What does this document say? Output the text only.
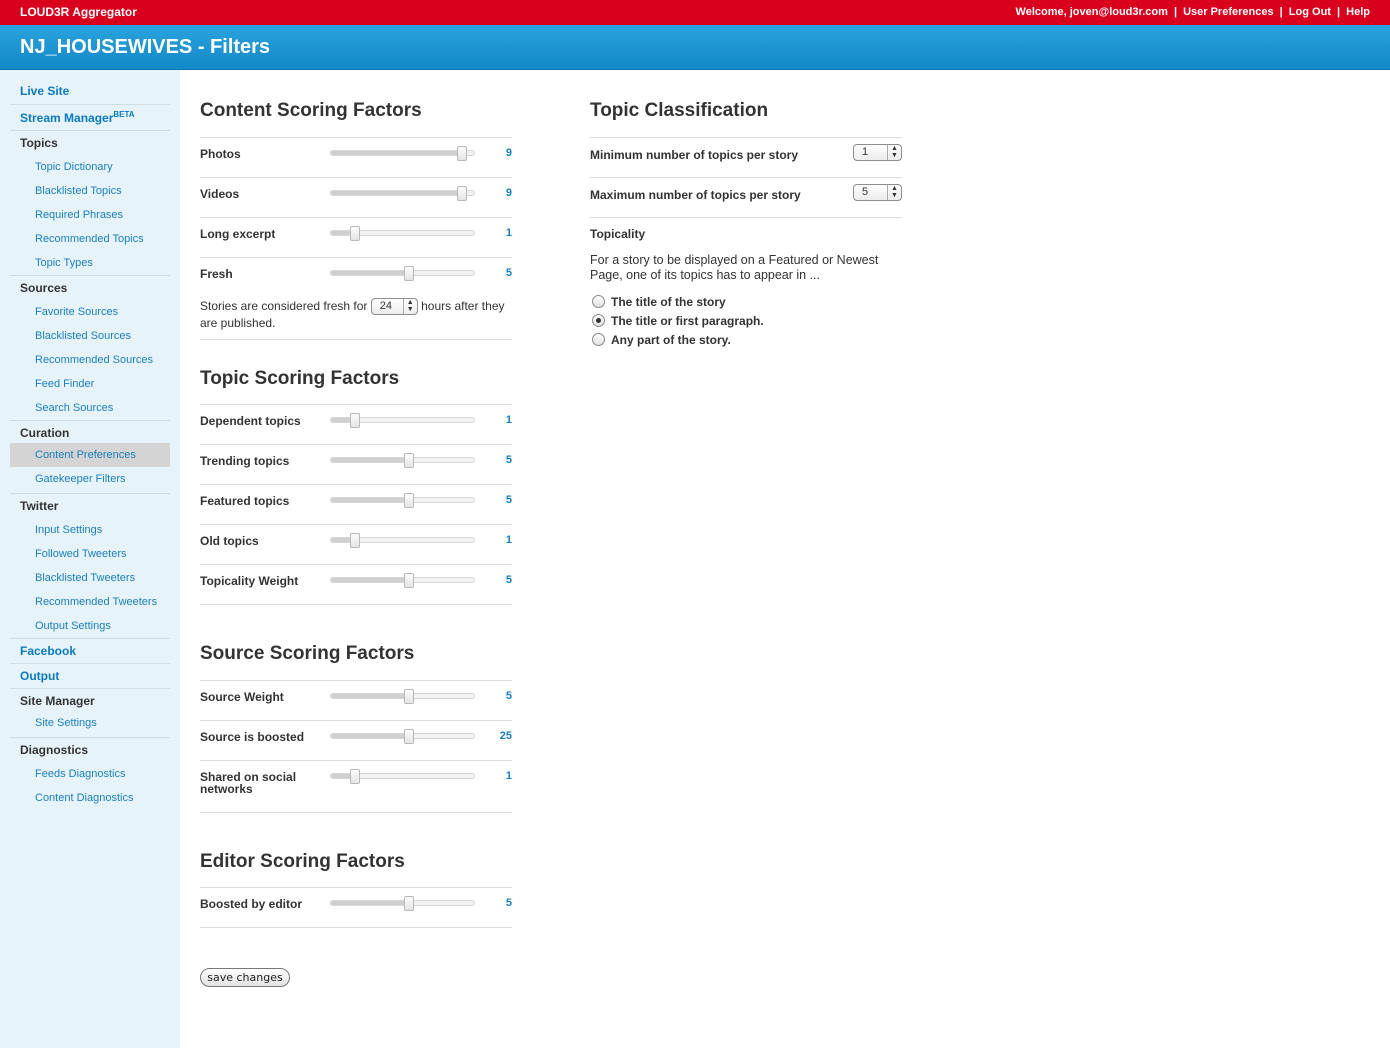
LOUD3R Aggregator	Welcome, joven@loud3r.com | User Preferences | Log Out | Help
NJ_HOUSEWIVES - Filters
Live Site
Stream Manager$^{BETA}$
Topics
Topic Dictionary
Blacklisted Topics
Required Phrases
Recommended Topics
Topic Types
Sources
Favorite Sources
Blacklisted Sources
Recommended Sources
Feed Finder
Search Sources
Curation
Content Preferences
Gatekeeper Filters
Twitter
Input Settings
Followed Tweeters
Blacklisted Tweeters
Recommended Tweeters
Output Settings
Facebook
Output
Site Manager
Site Settings
Diagnostics
Feeds Diagnostics
Content Diagnostics
Content Scoring Factors
Photos	9
Videos	9
Long excerpt	1
Fresh	5
Stories are considered fresh for 24	▲
▼ hours after they are published.
Topic Scoring Factors
Dependent topics	1
Trending topics	5
Featured topics	5
Old topics	1
Topicality Weight	5
Source Scoring Factors
Source Weight	5
Source is boosted	25
Shared on social networks
1
Editor Scoring Factors
Boosted by editor	5
Topic Classification
Minimum number of topics per story	1	▲
▼
Maximum number of topics per story	5	▲
▼
Topicality
For a story to be displayed on a Featured or Newest Page, one of its topics has to appear in ...
The title of the story
The title or first paragraph.
Any part of the story.
save changes
